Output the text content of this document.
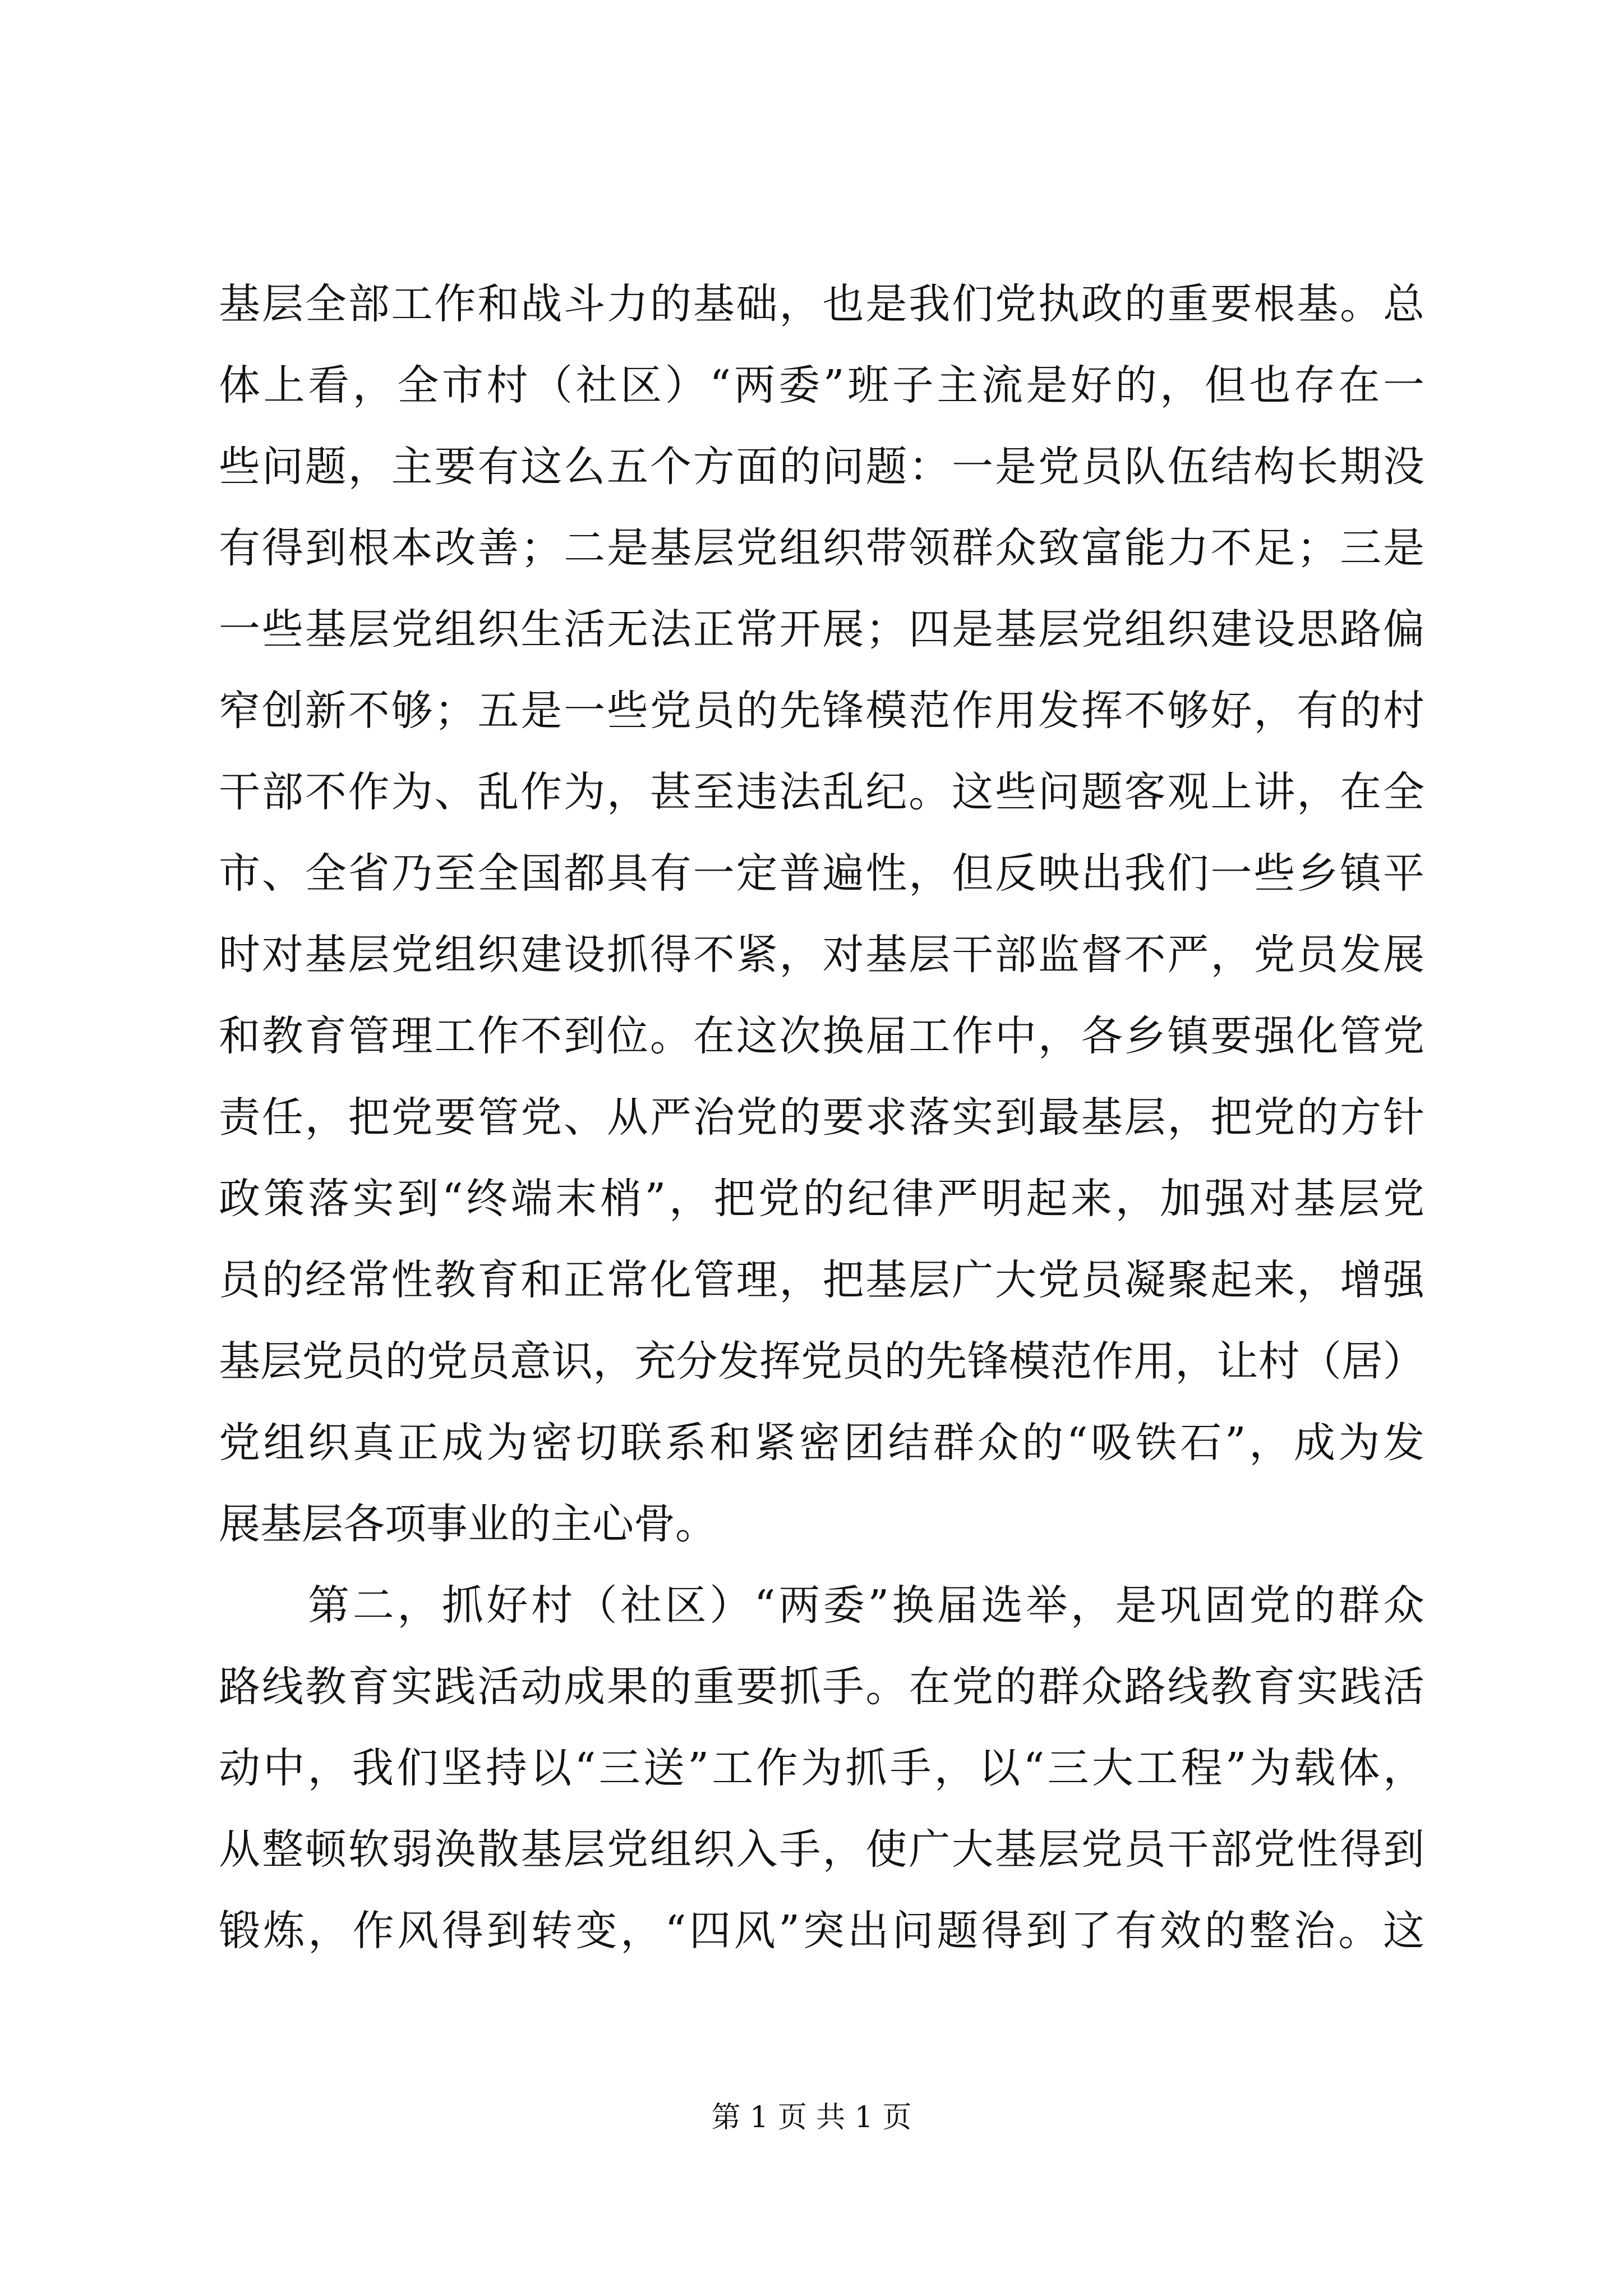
基层全部工作和战斗力的基础，也是我们党执政的重要根基。总
体上看，全市村（社区）“两委”班子主流是好的，但也存在一
些问题，主要有这么五个方面的问题：一是党员队伍结构长期没
有得到根本改善；二是基层党组织带领群众致富能力不足；三是
一些基层党组织生活无法正常开展；四是基层党组织建设思路偏
窄创新不够；五是一些党员的先锋模范作用发挥不够好，有的村
干部不作为、乱作为，甚至违法乱纪。这些问题客观上讲，在全
市、全省乃至全国都具有一定普遍性，但反映出我们一些乡镇平
时对基层党组织建设抓得不紧，对基层干部监督不严，党员发展
和教育管理工作不到位。在这次换届工作中，各乡镇要强化管党
责任，把党要管党、从严治党的要求落实到最基层，把党的方针
政策落实到“终端末梢”，把党的纪律严明起来，加强对基层党
员的经常性教育和正常化管理，把基层广大党员凝聚起来，增强
基层党员的党员意识，充分发挥党员的先锋模范作用，让村（居）
党组织真正成为密切联系和紧密团结群众的“吸铁石”，成为发
展基层各项事业的主心骨。
　　第二，抓好村（社区）“两委”换届选举，是巩固党的群众
路线教育实践活动成果的重要抓手。在党的群众路线教育实践活
动中，我们坚持以“三送”工作为抓手，以“三大工程”为载体，
从整顿软弱涣散基层党组织入手，使广大基层党员干部党性得到
锻炼，作风得到转变，“四风”突出问题得到了有效的整治。这
第 1 页 共 1 页
